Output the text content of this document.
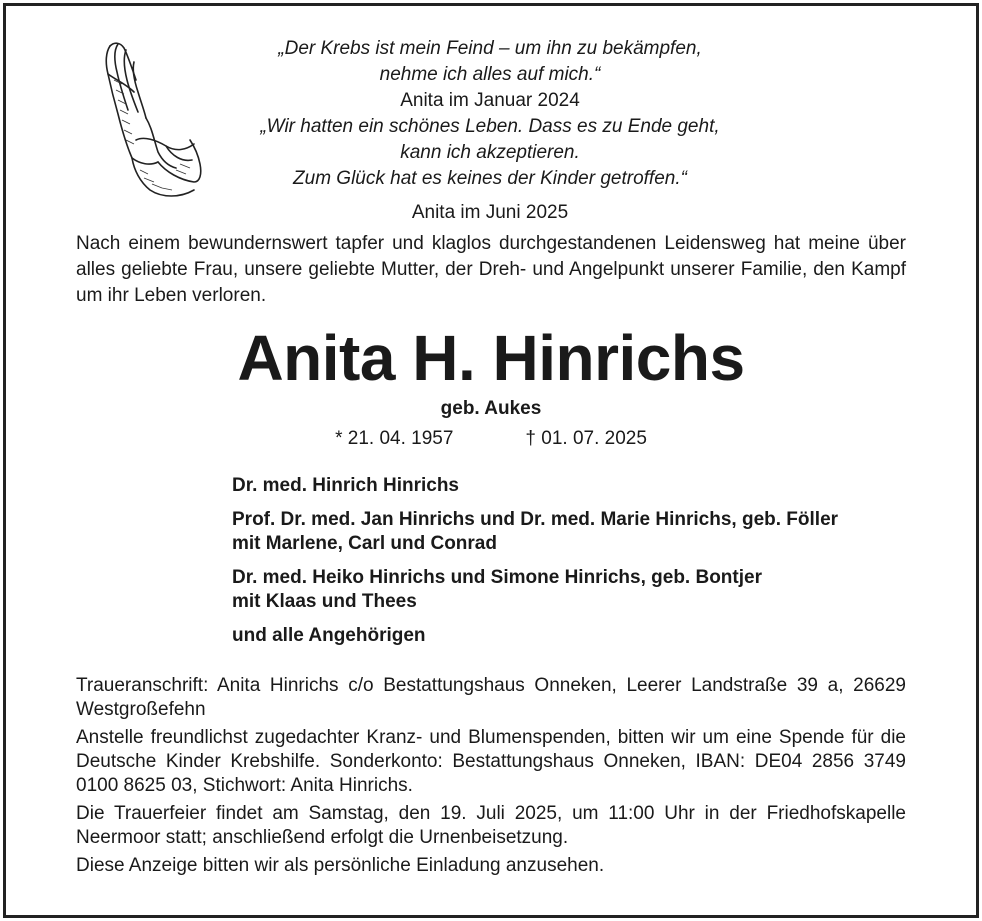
„Der Krebs ist mein Feind – um ihn zu bekämpfen,

nehme ich alles auf mich.“

Anita im Januar 2024

„Wir hatten ein schönes Leben. Dass es zu Ende geht,

kann ich akzeptieren.

Zum Glück hat es keines der Kinder getroffen.“

Anita im Juni 2025

Nach einem bewundernswert tapfer und klaglos durchgestandenen Leidensweg hat meine über alles geliebte Frau, unsere geliebte Mutter, der Dreh- und Angelpunkt unserer Familie, den Kampf um ihr Leben verloren.

Anita H. Hinrichs
geb. Aukes
* 21. 04. 1957	† 01. 07. 2025

Dr. med. Hinrich Hinrichs

Prof. Dr. med. Jan Hinrichs und Dr. med. Marie Hinrichs, geb. Föller
mit Marlene, Carl und Conrad

Dr. med. Heiko Hinrichs und Simone Hinrichs, geb. Bontjer
mit Klaas und Thees

und alle Angehörigen

Traueranschrift: Anita Hinrichs c/o Bestattungshaus Onneken, Leerer Landstraße 39 a, 26629 Westgroßefehn

Anstelle freundlichst zugedachter Kranz- und Blumenspenden, bitten wir um eine Spende für die Deutsche Kinder Krebshilfe. Sonderkonto: Bestattungshaus Onneken, IBAN: DE04 2856 3749 0100 8625 03, Stichwort: Anita Hinrichs.

Die Trauerfeier findet am Samstag, den 19. Juli 2025, um 11:00 Uhr in der Friedhofskapelle Neermoor statt; anschließend erfolgt die Urnenbeisetzung.

Diese Anzeige bitten wir als persönliche Einladung anzusehen.
